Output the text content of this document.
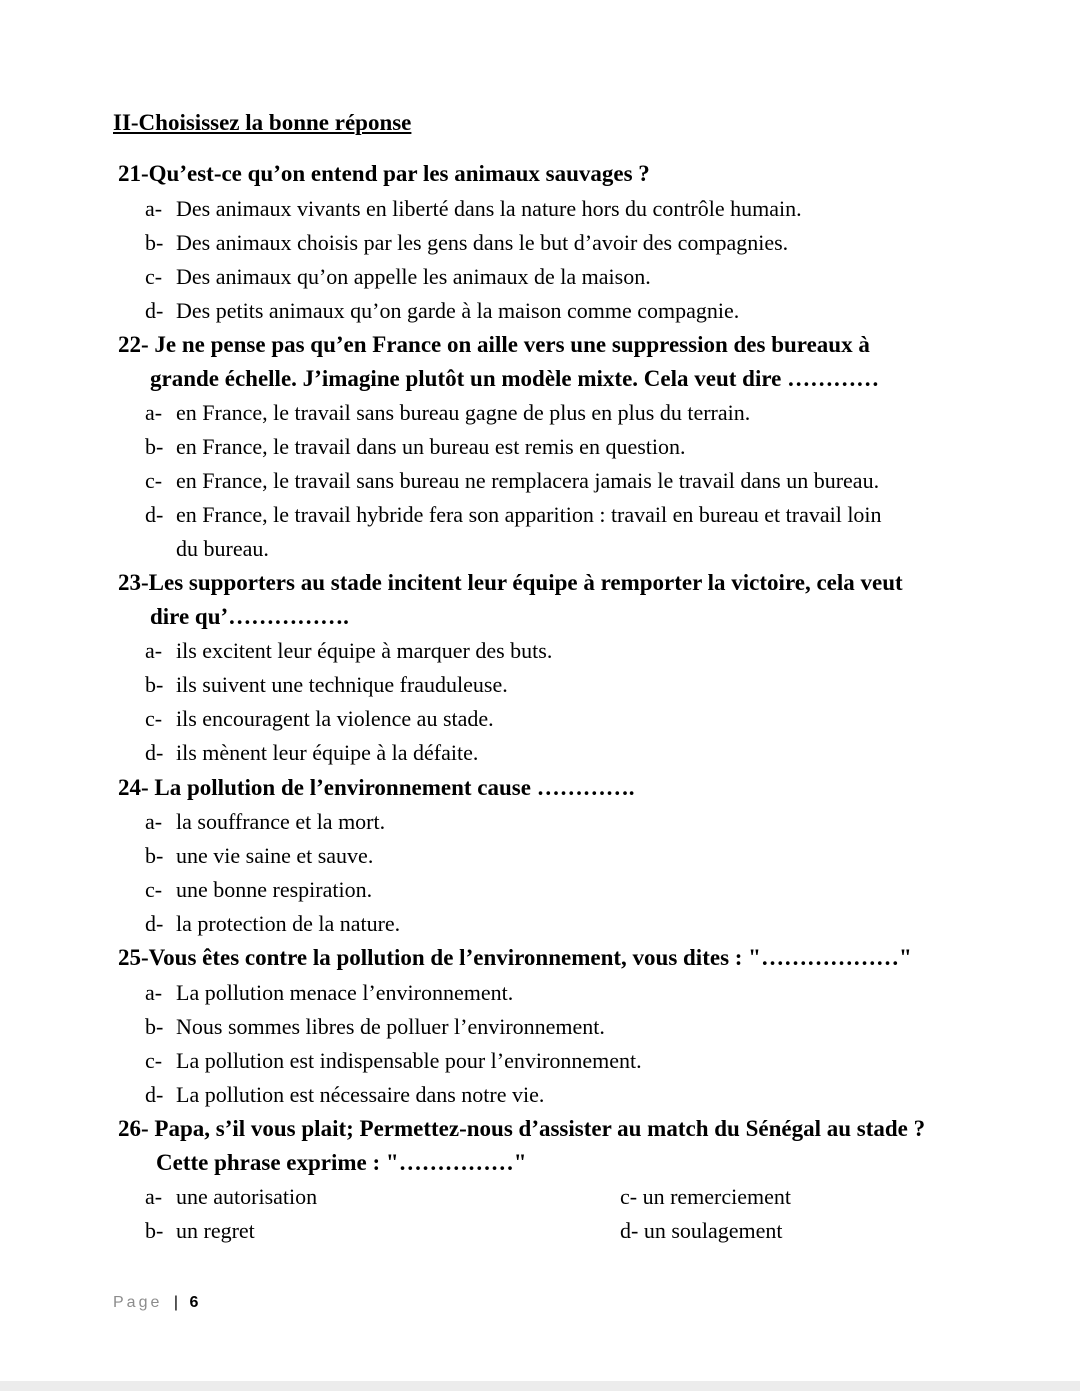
II-Choisissez la bonne réponse
21-Qu’est-ce qu’on entend par les animaux sauvages ?
a- Des animaux vivants en liberté dans la nature hors du contrôle humain.
b- Des animaux choisis par les gens dans le but d’avoir des compagnies.
c- Des animaux qu’on appelle les animaux de la maison.
d- Des petits animaux qu’on garde à la maison comme compagnie.
22- Je ne pense pas qu’en France on aille vers une suppression des bureaux à
grande échelle. J’imagine plutôt un modèle mixte. Cela veut dire …………
a- en France, le travail sans bureau gagne de plus en plus du terrain.
b- en France, le travail dans un bureau est remis en question.
c- en France, le travail sans bureau ne remplacera jamais le travail dans un bureau.
d- en France, le travail hybride fera son apparition : travail en bureau et travail loin
du bureau.
23-Les supporters au stade incitent leur équipe à remporter la victoire, cela veut
dire qu’…………….
a- ils excitent leur équipe à marquer des buts.
b- ils suivent une technique frauduleuse.
c- ils encouragent la violence au stade.
d- ils mènent leur équipe à la défaite.
24- La pollution de l’environnement cause ………….
a- la souffrance et la mort.
b- une vie saine et sauve.
c- une bonne respiration.
d- la protection de la nature.
25-Vous êtes contre la pollution de l’environnement, vous dites : "………………"
a- La pollution menace l’environnement.
b- Nous sommes libres de polluer l’environnement.
c- La pollution est indispensable pour l’environnement.
d- La pollution est nécessaire dans notre vie.
26- Papa, s’il vous plait; Permettez-nous d’assister au match du Sénégal au stade ?
Cette phrase exprime : "……………"
a- une autorisation
b- un regret
c- un remerciement
d- un soulagement
Page | 6
